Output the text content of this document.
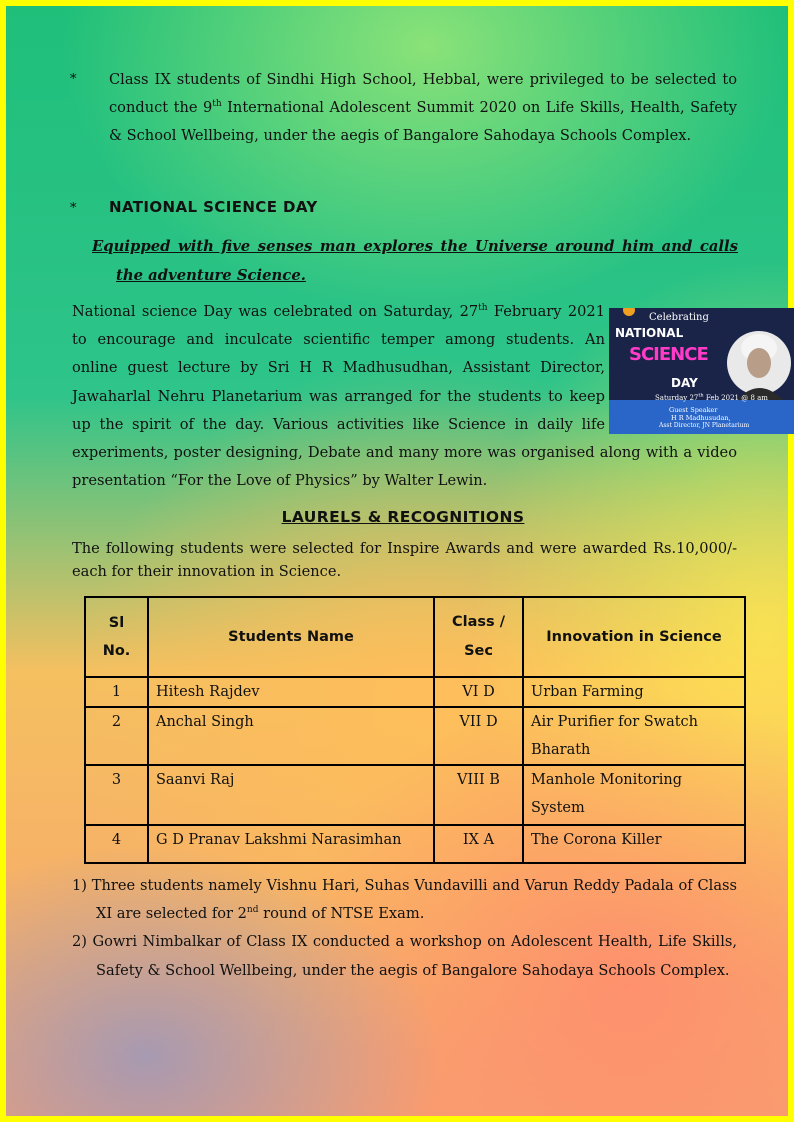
* Class IX students of Sindhi High School, Hebbal, were privileged to be selected to conduct the 9th International Adolescent Summit 2020 on Life Skills, Health, Safety & School Wellbeing, under the aegis of Bangalore Sahodaya Schools Complex.
* NATIONAL SCIENCE DAY
Equipped with five senses man explores the Universe around him and calls
the adventure Science.
National science Day was celebrated on Saturday, 27th February 2021 to encourage and inculcate scientific temper among students. An online guest lecture by Sri H R Madhusudhan, Assistant Director, Jawaharlal Nehru Planetarium was arranged for the students to keep up the spirit of the day. Various activities like Science in daily life experiments, poster designing, Debate and many more was organised along with a video presentation “For the Love of Physics” by Walter Lewin.
Celebrating
NATIONAL
SCIENCE
DAY
Saturday 27th Feb 2021 @ 8 am
Guest Speaker
H R Madhusudan,
Asst Director, JN Planetarium
LAURELS & RECOGNITIONS
The following students were selected for Inspire Awards and were awarded Rs.10,000/- each for their innovation in Science.
Sl No.	Students Name	Class / Sec	Innovation in Science
1	Hitesh Rajdev	VI D	Urban Farming
2	Anchal Singh	VII D	Air Purifier for Swatch Bharath
3	Saanvi Raj	VIII B	Manhole Monitoring System
4	G D Pranav Lakshmi Narasimhan	IX A	The Corona Killer
1) Three students namely Vishnu Hari, Suhas Vundavilli and Varun Reddy Padala of Class XI are selected for 2nd round of NTSE Exam.
2) Gowri Nimbalkar of Class IX conducted a workshop on Adolescent Health, Life Skills, Safety & School Wellbeing, under the aegis of Bangalore Sahodaya Schools Complex.
